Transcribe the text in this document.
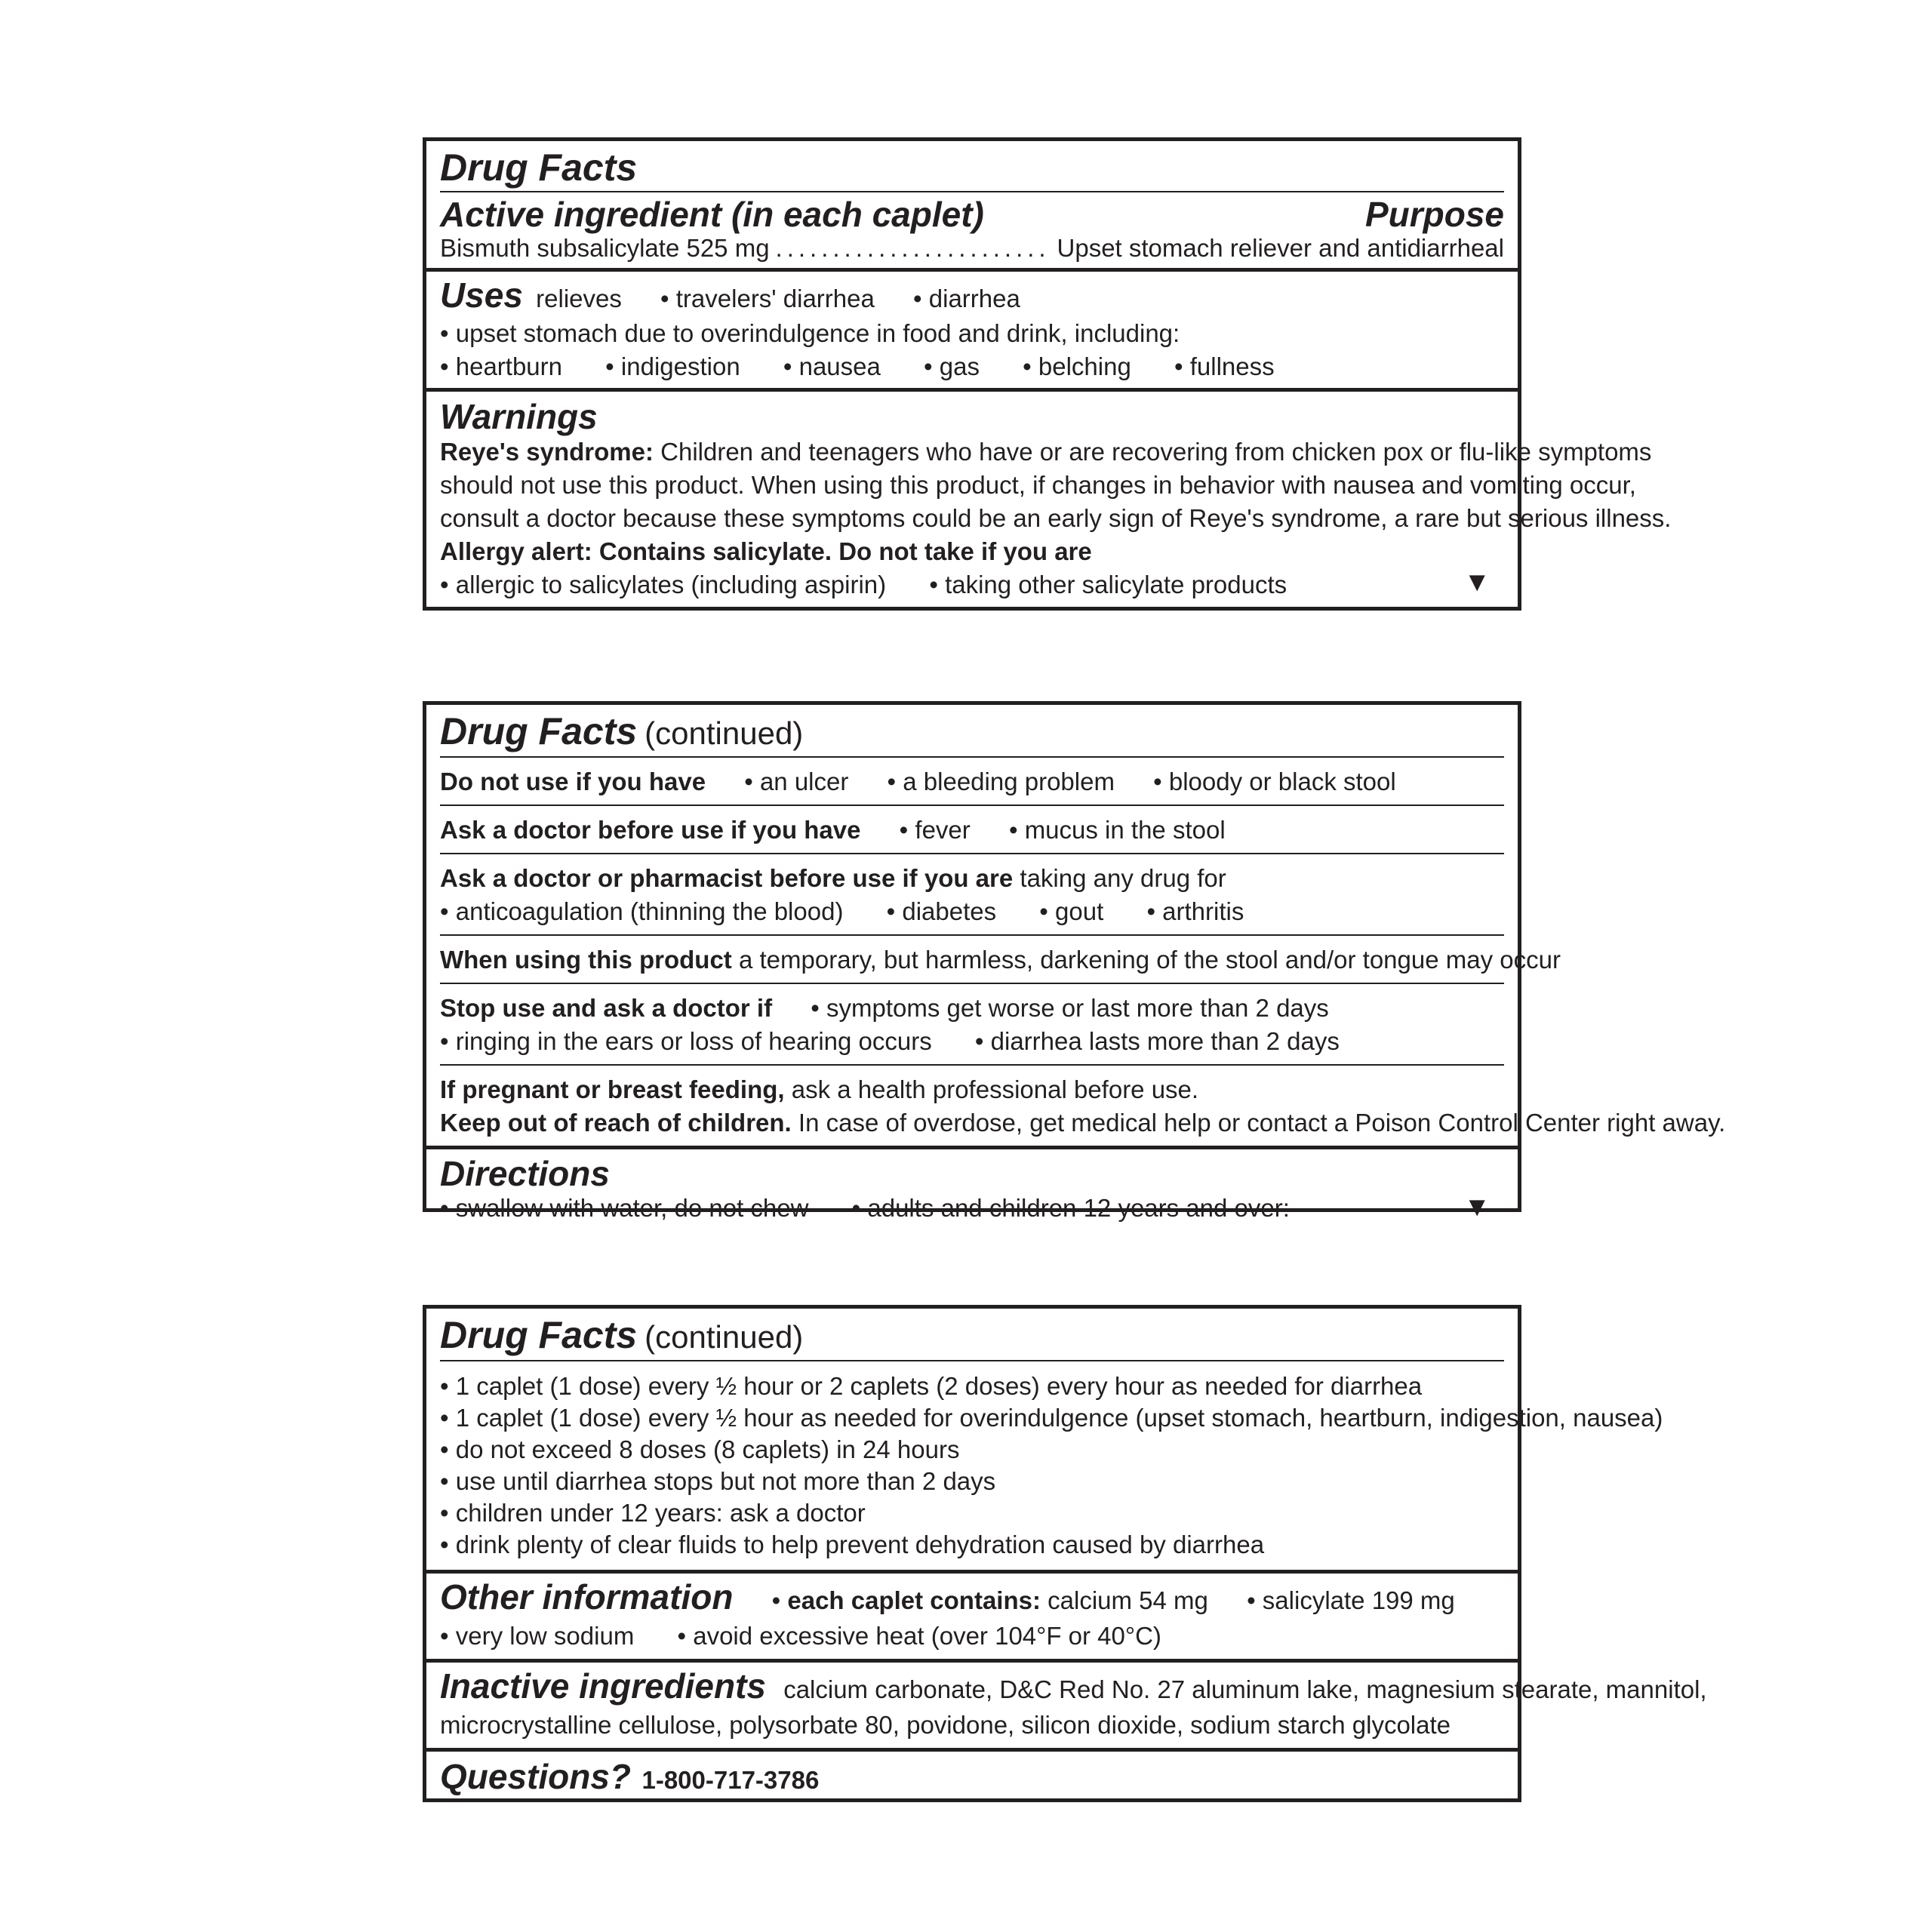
Drug Facts
Active ingredient (in each caplet)	Purpose
Bismuth subsalicylate 525 mg
.....	Upset stomach reliever and antidiarrheal
Uses relieves • travelers' diarrhea • diarrhea
• upset stomach due to overindulgence in food and drink, including:
• heartburn • indigestion • nausea • gas • belching • fullness
Warnings
Reye's syndrome: Children and teenagers who have or are recovering from chicken pox or flu-like symptoms
should not use this product. When using this product, if changes in behavior with nausea and vomiting occur,
consult a doctor because these symptoms could be an early sign of Reye's syndrome, a rare but serious illness.
Allergy alert: Contains salicylate. Do not take if you are
• allergic to salicylates (including aspirin) • taking other salicylate products	▼
Drug Facts (continued)
Do not use if you have • an ulcer • a bleeding problem • bloody or black stool
Ask a doctor before use if you have • fever • mucus in the stool
Ask a doctor or pharmacist before use if you are taking any drug for
• anticoagulation (thinning the blood) • diabetes • gout • arthritis
When using this product a temporary, but harmless, darkening of the stool and/or tongue may occur
Stop use and ask a doctor if • symptoms get worse or last more than 2 days
• ringing in the ears or loss of hearing occurs • diarrhea lasts more than 2 days
If pregnant or breast feeding, ask a health professional before use.
Keep out of reach of children. In case of overdose, get medical help or contact a Poison Control Center right away.
Directions
• swallow with water, do not chew • adults and children 12 years and over:	▼
Drug Facts (continued)
• 1 caplet (1 dose) every ½ hour or 2 caplets (2 doses) every hour as needed for diarrhea
• 1 caplet (1 dose) every ½ hour as needed for overindulgence (upset stomach, heartburn, indigestion, nausea)
• do not exceed 8 doses (8 caplets) in 24 hours
• use until diarrhea stops but not more than 2 days
• children under 12 years: ask a doctor
• drink plenty of clear fluids to help prevent dehydration caused by diarrhea
Other information • each caplet contains: calcium 54 mg • salicylate 199 mg
• very low sodium • avoid excessive heat (over 104°F or 40°C)
Inactive ingredients calcium carbonate, D&C Red No. 27 aluminum lake, magnesium stearate, mannitol,
microcrystalline cellulose, polysorbate 80, povidone, silicon dioxide, sodium starch glycolate
Questions? 1-800-717-3786
